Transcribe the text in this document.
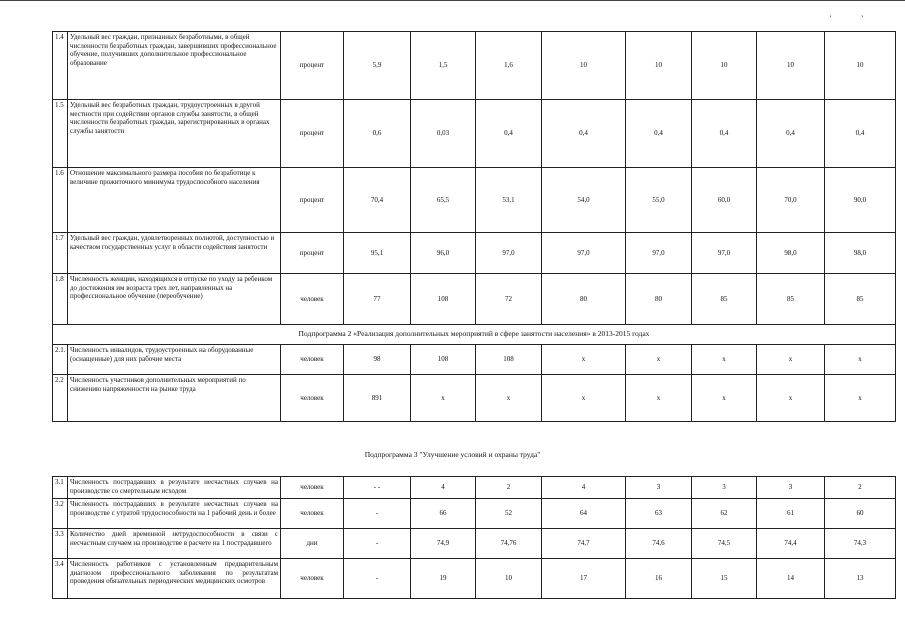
' '
1.4	Удельный вес граждан, признанных безработными, в общей численности безработных граждан, завершивших профессиональное обучение, получивших дополнительное профессиональное образование	процент	5,9	1,5	1,6	10	10	10	10	10
1.5	Удельный вес безработных граждан, трудоустроенных в другой местности при содействии органов службы занятости, в общей численности безработных граждан, зарегистрированных в органах службы занятости	процент	0,6	0,03	0,4	0,4	0,4	0,4	0,4	0,4
1.6	Отношение максимального размера пособия по безработице к величине прожиточного минимума трудоспособного населения	процент	70,4	65,5	53,1	54,0	55,0	60,0	70,0	90,0
1.7	Удельный вес граждан, удовлетворенных полнотой, доступностью и качеством государственных услуг в области содействия занятости	процент	95,1	96,0	97,0	97,0	97,0	97,0	98,0	98,0
1.8	Численность женщин, находящихся в отпуске по уходу за ребенком до достижения им возраста трех лет, направленных на профессиональное обучение (переобучение)	человек	77	108	72	80	80	85	85	85
Подпрограмма 2 «Реализация дополнительных мероприятий в сфере занятости населения» в 2013-2015 годах										
2.1.	Численность инвалидов, трудоустроенных на оборудованные (оснащенные) для них рабочие места	человек	98	108	108	x	x	x	x	x
2.2	Численность участников дополнительных мероприятий по снижению напряженности на рынке труда	человек	891	x	x	x	x	x	x	x
Подпрограмма 3 "Улучшение условий и охраны труда"
3.1	Численность пострадавших в результате несчастных случаев на производстве со смертельным исходом	человек	- -	4	2	4	3	3	3	2
3.2	Численность пострадавших в результате несчастных случаев на производстве с утратой трудоспособности на 1 рабочий день и более	человек	-	66	52	64	63	62	61	60
3.3	Количество дней временной нетрудоспособности в связи с несчастным случаем на производстве в расчете на 1 пострадавшего	дни	-	74,9	74,76	74,7	74,6	74,5	74,4	74,3
3.4	Численность работников с установленным предварительным диагнозом профессионального заболевания по результатам проведения обязательных периодических медицинских осмотров	человек	-	19	10	17	16	15	14	13
